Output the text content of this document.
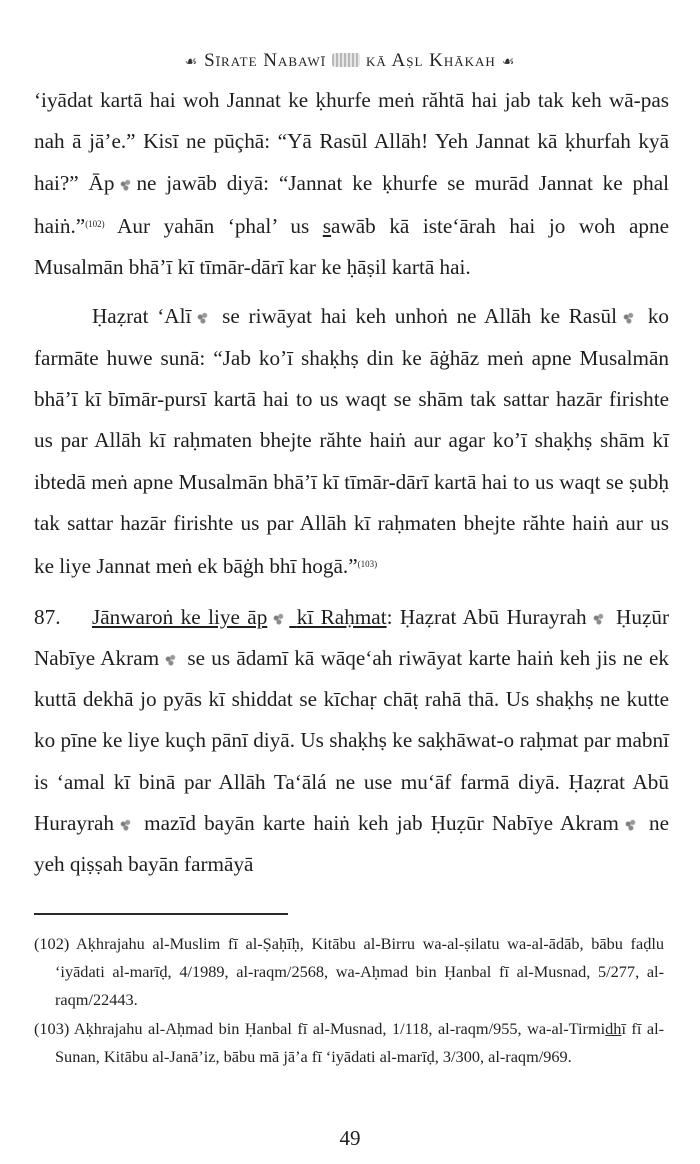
☙ Sīrate Nabawī kā Aṣl Khākah ☙

‘iyādat kartā hai woh Jannat ke ḳhurfe meṅ răhtā hai jab tak keh wā-pas nah ā jā’e.” Kisī ne pūçhā: “Yā Rasūl Allāh! Yeh Jannat kā ḳhurfah kyā hai?” Āp ne jawāb diyā: “Jannat ke ḳhurfe se murād Jannat ke phal haiṅ.”$^{(102)}$ Aur yahān ‘phal’ us sawāb kā iste‘ārah hai jo woh apne Musalmān bhā’ī kī tīmār-dārī kar ke ḥāṣil kartā hai.

Ḥaẓrat ‘Alī se riwāyat hai keh unhoṅ ne Allāh ke Rasūl ko farmāte huwe sunā: “Jab ko’ī shaḳhṣ din ke āġhāz meṅ apne Musalmān bhā’ī kī bīmār-pursī kartā hai to us waqt se shām tak sattar hazār firishte us par Allāh kī raḥmaten bhejte răhte haiṅ aur agar ko’ī shaḳhṣ shām kī ibtedā meṅ apne Musalmān bhā’ī kī tīmār-dārī kartā hai to us waqt se ṣubḥ tak sattar hazār firishte us par Allāh kī raḥmaten bhejte răhte haiṅ aur us ke liye Jannat meṅ ek bāġh bhī hogā.”$^{(103)}$

87. Jānwaroṅ ke liye āp kī Raḥmat: Ḥaẓrat Abū Hurayrah Ḥuẓūr Nabīye Akram se us ādamī kā wāqe‘ah riwāyat karte haiṅ keh jis ne ek kuttā dekhā jo pyās kī shiddat se kīchaṛ chāṭ rahā thā. Us shaḳhṣ ne kutte ko pīne ke liye kuçh pānī diyā. Us shaḳhṣ ke saḳhāwat-o raḥmat par mabnī is ‘amal kī binā par Allāh Ta‘ālá ne use mu‘āf farmā diyā. Ḥaẓrat Abū Hurayrah mazīd bayān karte haiṅ keh jab Ḥuẓūr Nabīye Akram ne yeh qiṣṣah bayān farmāyā

(102) Aḳhrajahu al-Muslim fī al-Ṣaḥīḥ, Kitābu al-Birru wa-al-ṣilatu wa-al-ādāb, bābu faḍlu ‘iyādati al-marīḍ, 4/1989, al-raqm/2568, wa-Aḥmad bin Ḥanbal fī al-Musnad, 5/277, al-raqm/22443.

(103) Aḳhrajahu al-Aḥmad bin Ḥanbal fī al-Musnad, 1/118, al-raqm/955, wa-al-Tirmidhī fī al-Sunan, Kitābu al-Janā’iz, bābu mā jā’a fī ‘iyādati al-marīḍ, 3/300, al-raqm/969.

49
